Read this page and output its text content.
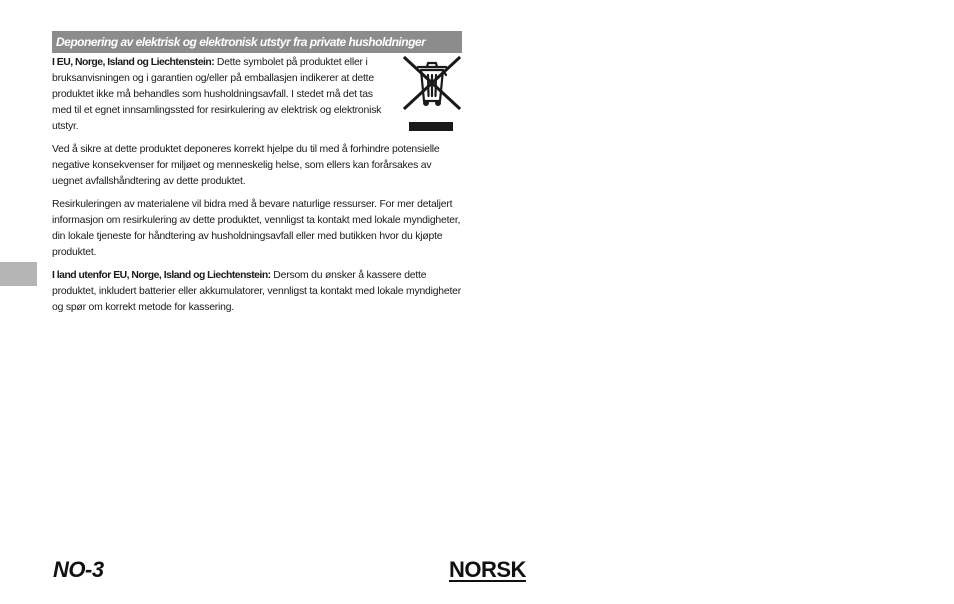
Deponering av elektrisk og elektronisk utstyr fra private husholdninger

I EU, Norge, Island og Liechtenstein: Dette symbolet på produktet eller i bruksanvisningen og i garantien og/eller på emballasjen indikerer at dette produktet ikke må behandles som husholdningsavfall. I stedet må det tas med til et egnet innsamlingssted for resirkulering av elektrisk og elektronisk utstyr.

Ved å sikre at dette produktet deponeres korrekt hjelpe du til med å forhindre potensielle negative konsekvenser for miljøet og menneskelig helse, som ellers kan forårsakes av uegnet avfallshåndtering av dette produktet.

Resirkuleringen av materialene vil bidra med å bevare naturlige ressurser. For mer detaljert informasjon om resirkulering av dette produktet, vennligst ta kontakt med lokale myndigheter, din lokale tjeneste for håndtering av husholdningsavfall eller med butikken hvor du kjøpte produktet.

I land utenfor EU, Norge, Island og Liechtenstein: Dersom du ønsker å kassere dette produktet, inkludert batterier eller akkumulatorer, vennligst ta kontakt med lokale myndigheter og spør om korrekt metode for kassering.

NO-3	NORSK
